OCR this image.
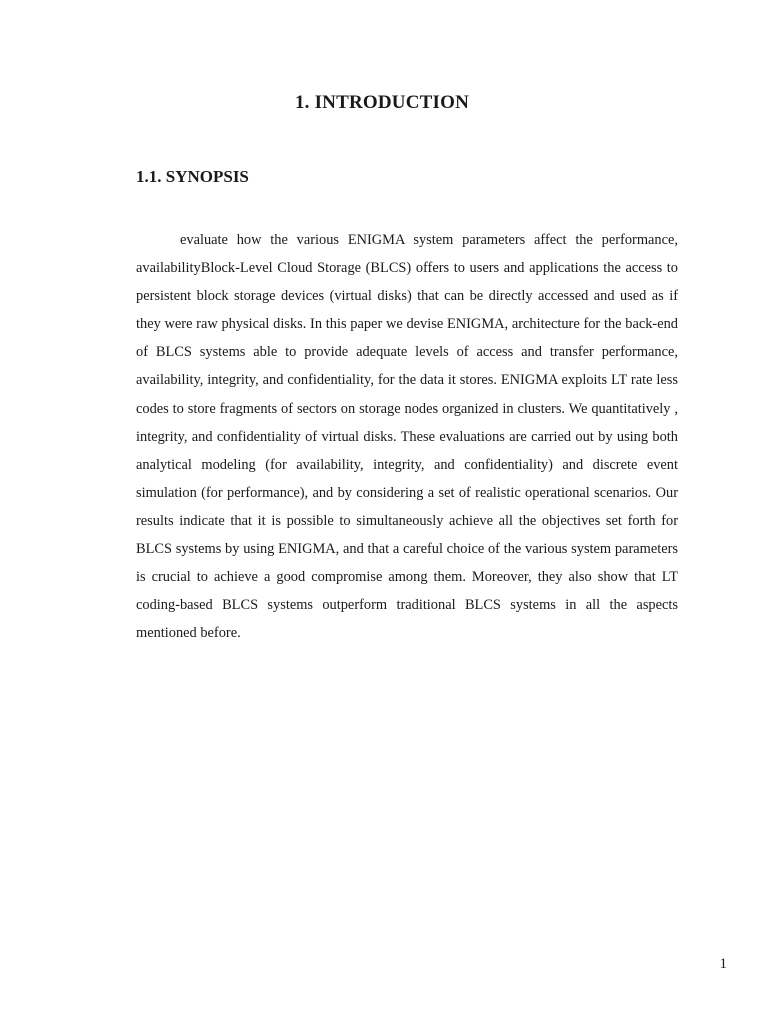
1. INTRODUCTION
1.1. SYNOPSIS

evaluate how the various ENIGMA system parameters affect the performance, availabilityBlock-Level Cloud Storage (BLCS) offers to users and applications the access to persistent block storage devices (virtual disks) that can be directly accessed and used as if they were raw physical disks. In this paper we devise ENIGMA, architecture for the back-end of BLCS systems able to provide adequate levels of access and transfer performance, availability, integrity, and confidentiality, for the data it stores. ENIGMA exploits LT rate less codes to store fragments of sectors on storage nodes organized in clusters. We quantitatively , integrity, and confidentiality of virtual disks. These evaluations are carried out by using both analytical modeling (for availability, integrity, and confidentiality) and discrete event simulation (for performance), and by considering a set of realistic operational scenarios. Our results indicate that it is possible to simultaneously achieve all the objectives set forth for BLCS systems by using ENIGMA, and that a careful choice of the various system parameters is crucial to achieve a good compromise among them. Moreover, they also show that LT coding-based BLCS systems outperform traditional BLCS systems in all the aspects mentioned before.

1
